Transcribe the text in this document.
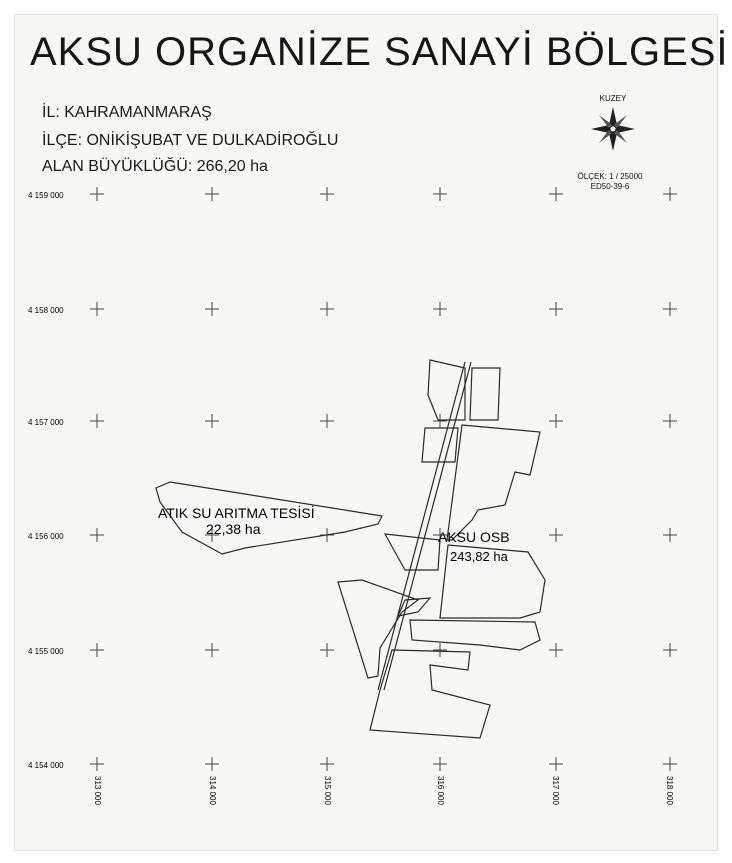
AKSU ORGANİZE SANAYİ BÖLGESİ
İL: KAHRAMANMARAŞ
İLÇE: ONİKİŞUBAT VE DULKADİROĞLU
ALAN BÜYÜKLÜĞÜ: 266,20 ha
KUZEY
ÖLÇEK: 1 / 25000
ED50-39-6
4 159 000
4 158 000
4 157 000
4 156 000
4 155 000
4 154 000
313 000	314 000	315 000	316 000	317 000	318 000
ATIK SU ARITMA TESİSİ
22,38 ha	AKSU OSB
243,82 ha
